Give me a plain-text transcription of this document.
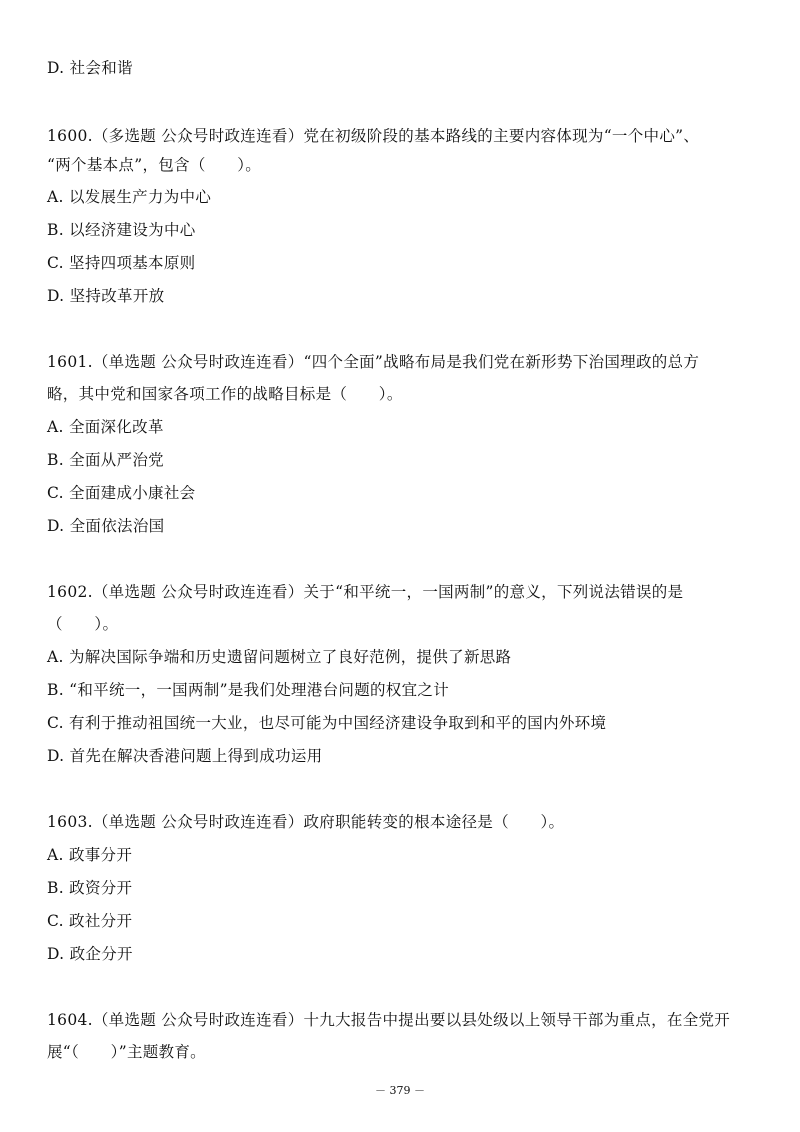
D. 社会和谐
1600.（多选题 公众号时政连连看）党在初级阶段的基本路线的主要内容体现为“一个中心”、
“两个基本点”，包含（　　）。
A. 以发展生产力为中心
B. 以经济建设为中心
C. 坚持四项基本原则
D. 坚持改革开放
1601.（单选题 公众号时政连连看）“四个全面”战略布局是我们党在新形势下治国理政的总方
略，其中党和国家各项工作的战略目标是（　　）。
A. 全面深化改革
B. 全面从严治党
C. 全面建成小康社会
D. 全面依法治国
1602.（单选题 公众号时政连连看）关于“和平统一，一国两制”的意义，下列说法错误的是
（　　）。
A. 为解决国际争端和历史遗留问题树立了良好范例，提供了新思路
B. “和平统一，一国两制”是我们处理港台问题的权宜之计
C. 有利于推动祖国统一大业，也尽可能为中国经济建设争取到和平的国内外环境
D. 首先在解决香港问题上得到成功运用
1603.（单选题 公众号时政连连看）政府职能转变的根本途径是（　　）。
A. 政事分开
B. 政资分开
C. 政社分开
D. 政企分开
1604.（单选题 公众号时政连连看）十九大报告中提出要以县处级以上领导干部为重点，在全党开
展“（　　）”主题教育。
－ 379 －
